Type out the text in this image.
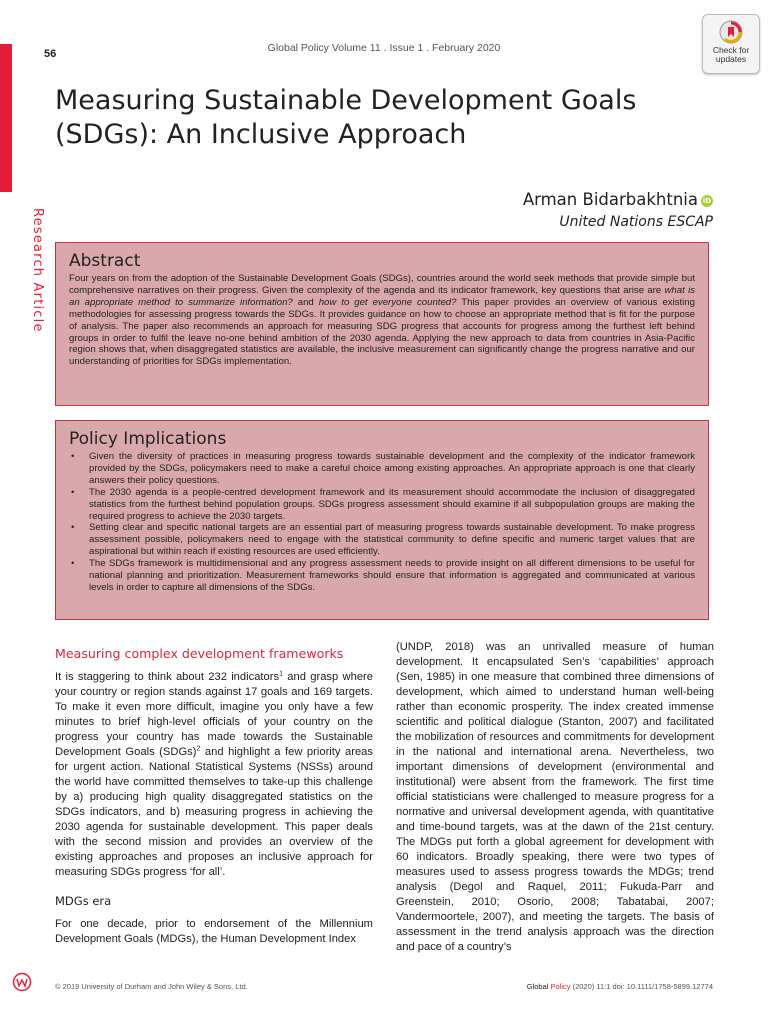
Research Article
56	Global Policy Volume 11 . Issue 1 . February 2020	Check for
updates
Measuring Sustainable Development Goals (SDGs): An Inclusive Approach
Arman Bidarbakhtnia iD
United Nations ESCAP
Abstract

Four years on from the adoption of the Sustainable Development Goals (SDGs), countries around the world seek methods that provide simple but comprehensive narratives on their progress. Given the complexity of the agenda and its indicator framework, key questions that arise are what is an appropriate method to summarize information? and how to get everyone counted? This paper provides an overview of various existing methodologies for assessing progress towards the SDGs. It provides guidance on how to choose an appropriate method that is fit for the purpose of analysis. The paper also recommends an approach for measuring SDG progress that accounts for progress among the furthest left behind groups in order to fulfil the leave no-one behind ambition of the 2030 agenda. Applying the new approach to data from countries in Asia-Pacific region shows that, when disaggregated statistics are available, the inclusive measurement can significantly change the progress narrative and our understanding of priorities for SDGs implementation.

Policy Implications
• Given the diversity of practices in measuring progress towards sustainable development and the complexity of the indicator framework provided by the SDGs, policymakers need to make a careful choice among existing approaches. An appropriate approach is one that clearly answers their policy questions.
• The 2030 agenda is a people-centred development framework and its measurement should accommodate the inclusion of disaggregated statistics from the furthest behind population groups. SDGs progress assessment should examine if all subpopulation groups are making the required progress to achieve the 2030 targets.
• Setting clear and specific national targets are an essential part of measuring progress towards sustainable development. To make progress assessment possible, policymakers need to engage with the statistical community to define specific and numeric target values that are aspirational but within reach if existing resources are used efficiently.
• The SDGs framework is multidimensional and any progress assessment needs to provide insight on all different dimensions to be useful for national planning and prioritization. Measurement frameworks should ensure that information is aggregated and communicated at various levels in order to capture all dimensions of the SDGs.
Measuring complex development frameworks

It is staggering to think about 232 indicators$^1$ and grasp where your country or region stands against 17 goals and 169 targets. To make it even more difficult, imagine you only have a few minutes to brief high-level officials of your country on the progress your country has made towards the Sustainable Development Goals (SDGs)$^2$ and highlight a few priority areas for urgent action. National Statistical Systems (NSSs) around the world have committed themselves to take-up this challenge by a) producing high quality disaggregated statistics on the SDGs indicators, and b) measuring progress in achieving the 2030 agenda for sustainable development. This paper deals with the second mission and provides an overview of the existing approaches and proposes an inclusive approach for measuring SDGs progress ‘for all’.

MDGs era

For one decade, prior to endorsement of the Millennium Development Goals (MDGs), the Human Development Index

(UNDP, 2018) was an unrivalled measure of human development. It encapsulated Sen’s ‘capabilities’ approach (Sen, 1985) in one measure that combined three dimensions of development, which aimed to understand human well-being rather than economic prosperity. The index created immense scientific and political dialogue (Stanton, 2007) and facilitated the mobilization of resources and commitments for development in the national and international arena. Nevertheless, two important dimensions of development (environmental and institutional) were absent from the framework. The first time official statisticians were challenged to measure progress for a normative and universal development agenda, with quantitative and time-bound targets, was at the dawn of the 21st century. The MDGs put forth a global agreement for development with 60 indicators. Broadly speaking, there were two types of measures used to assess progress towards the MDGs; trend analysis (Degol and Raquel, 2011; Fukuda-Parr and Greenstein, 2010; Osorio, 2008; Tabatabai, 2007; Vandermoortele, 2007), and meeting the targets. The basis of assessment in the trend analysis approach was the direction and pace of a country’s

© 2019 University of Durham and John Wiley & Sons, Ltd.	Global Policy (2020) 11:1 doi: 10.1111/1758-5899.12774
